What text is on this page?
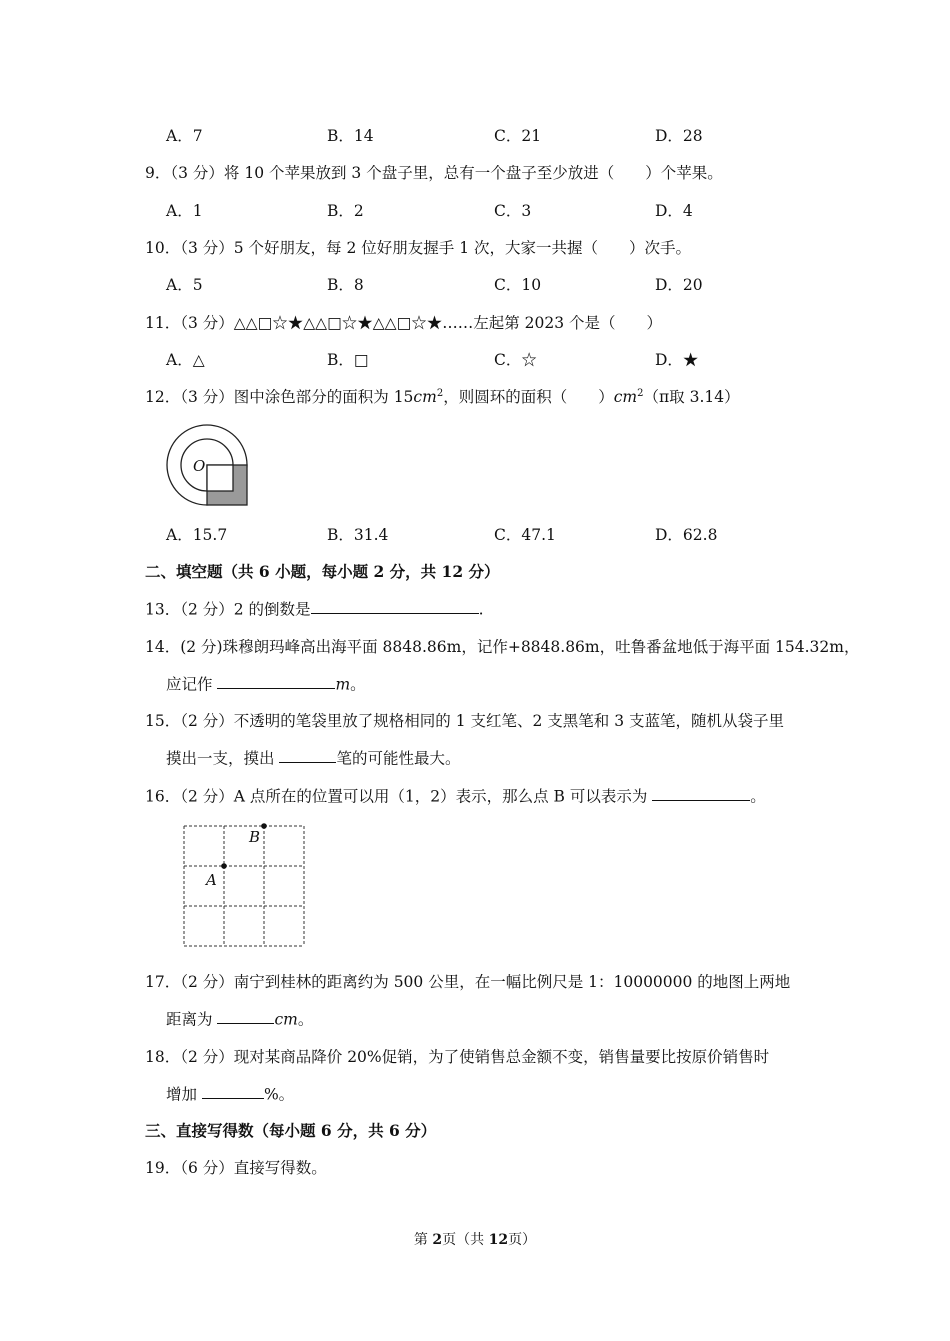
A．7	B．14	C．21	D．28
9．（3 分）将 10 个苹果放到 3 个盘子里，总有一个盘子至少放进（　　）个苹果。
A．1	B．2	C．3	D．4
10．（3 分）5 个好朋友，每 2 位好朋友握手 1 次，大家一共握（　　）次手。
A．5	B．8	C．10	D．20
11．（3 分）△△□☆★△△□☆★△△□☆★……左起第 2023 个是（　　）
A．△	B．□	C．☆	D．★
12．（3 分）图中涂色部分的面积为 $15cm^2$，则圆环的面积（　　）$cm^2(\pi$取 3.14）
O
A．15.7	B．31.4	C．47.1	D．62.8
二、填空题（共 6 小题，每小题 2 分，共 12 分）
13．（2 分）2 的倒数是	.
14．(2 分)珠穆朗玛峰高出海平面 8848.86m，记作+8848.86m，吐鲁番盆地低于海平面 154.32m，
应记作	m。
15．（2 分）不透明的笔袋里放了规格相同的 1 支红笔、2 支黑笔和 3 支蓝笔，随机从袋子里
摸出一支，摸出	笔的可能性最大。
16．（2 分）A 点所在的位置可以用（1，2）表示，那么点 B 可以表示为	。
A
B
17．（2 分）南宁到桂林的距离约为 500 公里，在一幅比例尺是 1：10000000 的地图上两地
距离为	cm。
18．（2 分）现对某商品降价 20%促销，为了使销售总金额不变，销售量要比按原价销售时
增加	%。
三、直接写得数（每小题 6 分，共 6 分）
19．（6 分）直接写得数。
第 2页（共 12页）
